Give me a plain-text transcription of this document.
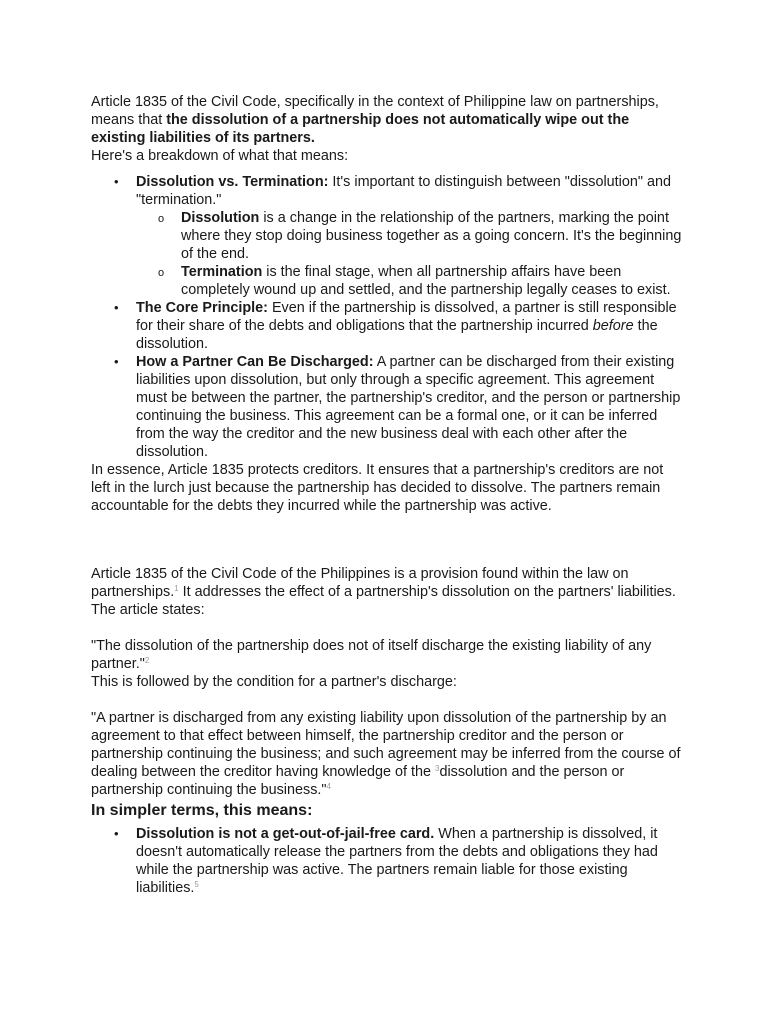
Article 1835 of the Civil Code, specifically in the context of Philippine law on partnerships, means that the dissolution of a partnership does not automatically wipe out the existing liabilities of its partners.

Here's a breakdown of what that means:

• Dissolution vs. Termination: It's important to distinguish between "dissolution" and "termination."
o Dissolution is a change in the relationship of the partners, marking the point where they stop doing business together as a going concern. It's the beginning of the end.
o Termination is the final stage, when all partnership affairs have been completely wound up and settled, and the partnership legally ceases to exist.
• The Core Principle: Even if the partnership is dissolved, a partner is still responsible for their share of the debts and obligations that the partnership incurred before the dissolution.
• How a Partner Can Be Discharged: A partner can be discharged from their existing liabilities upon dissolution, but only through a specific agreement. This agreement must be between the partner, the partnership's creditor, and the person or partnership continuing the business. This agreement can be a formal one, or it can be inferred from the way the creditor and the new business deal with each other after the dissolution.

In essence, Article 1835 protects creditors. It ensures that a partnership's creditors are not left in the lurch just because the partnership has decided to dissolve. The partners remain accountable for the debts they incurred while the partnership was active.

Article 1835 of the Civil Code of the Philippines is a provision found within the law on partnerships.$^1$ It addresses the effect of a partnership's dissolution on the partners' liabilities.

The article states:

"The dissolution of the partnership does not of itself discharge the existing liability of any partner."$^2$

This is followed by the condition for a partner's discharge:

"A partner is discharged from any existing liability upon dissolution of the partnership by an agreement to that effect between himself, the partnership creditor and the person or partnership continuing the business; and such agreement may be inferred from the course of dealing between the creditor having knowledge of the $^3$dissolution and the person or partnership continuing the business."$^4$

In simpler terms, this means:
• Dissolution is not a get-out-of-jail-free card. When a partnership is dissolved, it doesn't automatically release the partners from the debts and obligations they had while the partnership was active. The partners remain liable for those existing liabilities.$^5$
